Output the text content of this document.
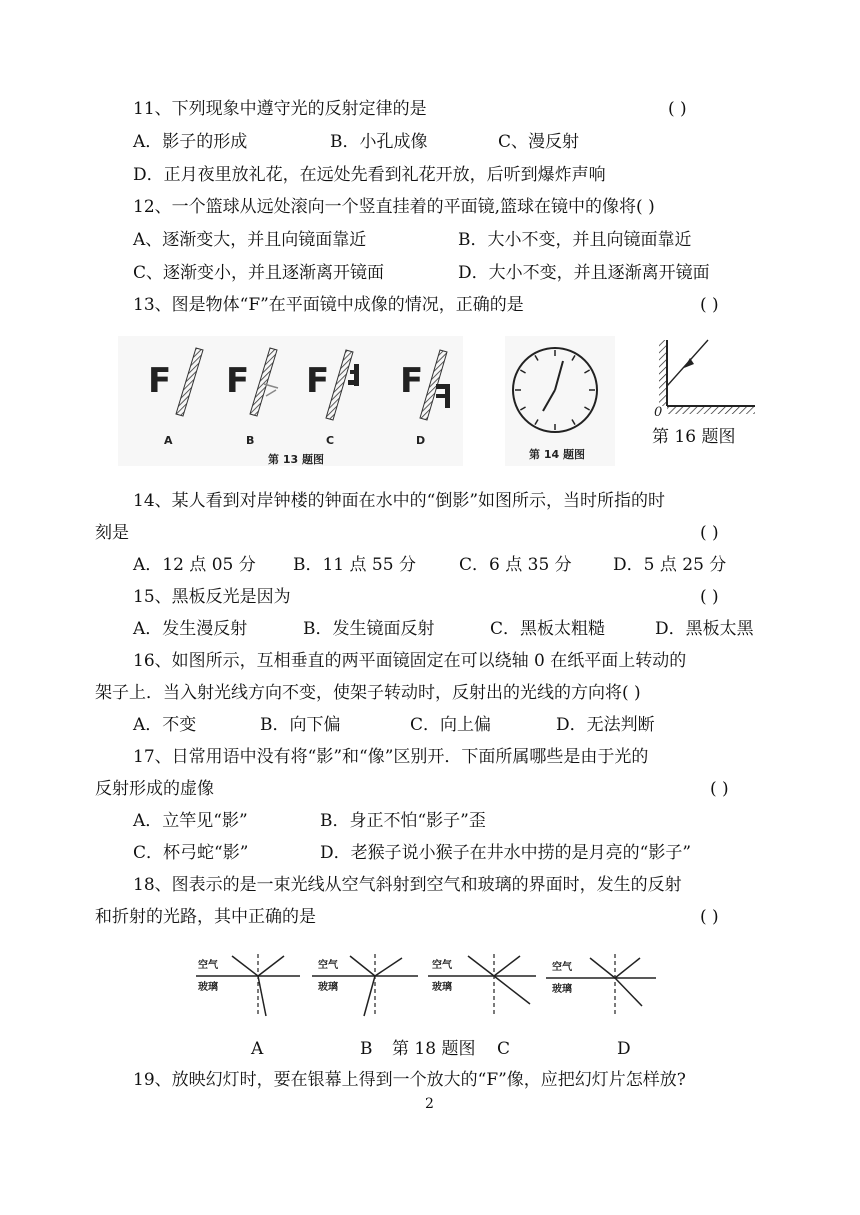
11、下列现象中遵守光的反射定律的是	( )
A．影子的形成	B．小孔成像	C、漫反射
D．正月夜里放礼花，在远处先看到礼花开放，后听到爆炸声响
12、一个篮球从远处滚向一个竖直挂着的平面镜,篮球在镜中的像将( )
A、逐渐变大，并且向镜面靠近	B．大小不变，并且向镜面靠近
C、逐渐变小，并且逐渐离开镜面	D．大小不变，并且逐渐离开镜面
13、图是物体“F”在平面镜中成像的情况，正确的是	( )
F F F F
A	B	C	D
第 13 题图	第 14 题图
0
第 16 题图
14、某人看到对岸钟楼的钟面在水中的“倒影”如图所示，当时所指的时
刻是	( )
A．12 点 05 分 B．11 点 55 分	C．6 点 35 分 D．5 点 25 分
15、黑板反光是因为	( )
A．发生漫反射	B．发生镜面反射	C．黑板太粗糙	D．黑板太黑
16、如图所示，互相垂直的两平面镜固定在可以绕轴 0 在纸平面上转动的
架子上．当入射光线方向不变，使架子转动时，反射出的光线的方向将( )
A．不变	B．向下偏	C．向上偏	D．无法判断
17、日常用语中没有将“影”和“像”区别开．下面所属哪些是由于光的
反射形成的虚像	( )
A．立竿见“影”	B．身正不怕“影子”歪
C．杯弓蛇“影”	D．老猴子说小猴子在井水中捞的是月亮的“影子”
18、图表示的是一束光线从空气斜射到空气和玻璃的界面时，发生的反射
和折射的光路，其中正确的是	( )
空气
玻璃
空气
玻璃
空气
玻璃
空气
玻璃
A	B 第 18 题图 C	D
19、放映幻灯时，要在银幕上得到一个放大的“F”像，应把幻灯片怎样放?
2
